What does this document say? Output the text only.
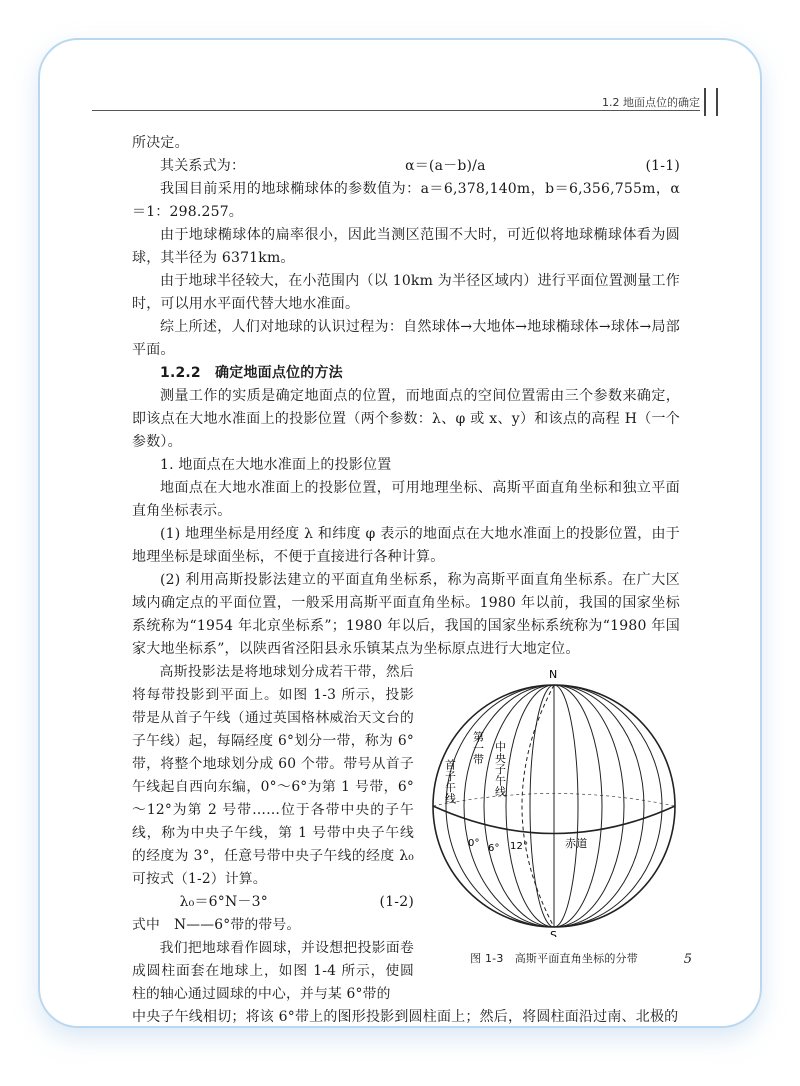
1.2 地面点位的确定

所决定。

其关系式为：	α＝(a－b)/a	(1-1)

我国目前采用的地球椭球体的参数值为：a＝6,378,140m，b＝6,356,755m，α＝1：298.257。

由于地球椭球体的扁率很小，因此当测区范围不大时，可近似将地球椭球体看为圆球，其半径为 6371km。

由于地球半径较大，在小范围内（以 10km 为半径区域内）进行平面位置测量工作时，可以用水平面代替大地水准面。

综上所述，人们对地球的认识过程为：自然球体→大地体→地球椭球体→球体→局部平面。

1.2.2　确定地面点位的方法

测量工作的实质是确定地面点的位置，而地面点的空间位置需由三个参数来确定，即该点在大地水准面上的投影位置（两个参数：λ、φ 或 x、y）和该点的高程 H（一个参数）。

1. 地面点在大地水准面上的投影位置

地面点在大地水准面上的投影位置，可用地理坐标、高斯平面直角坐标和独立平面直角坐标表示。

(1) 地理坐标是用经度 λ 和纬度 φ 表示的地面点在大地水准面上的投影位置，由于地理坐标是球面坐标，不便于直接进行各种计算。

(2) 利用高斯投影法建立的平面直角坐标系，称为高斯平面直角坐标系。在广大区域内确定点的平面位置，一般采用高斯平面直角坐标。1980 年以前，我国的国家坐标系统称为“1954 年北京坐标系”；1980 年以后，我国的国家坐标系统称为“1980 年国家大地坐标系”，以陕西省泾阳县永乐镇某点为坐标原点进行大地定位。

高斯投影法是将地球划分成若干带，然后将每带投影到平面上。如图 1-3 所示，投影带是从首子午线（通过英国格林威治天文台的子午线）起，每隔经度 6°划分一带，称为 6°带，将整个地球划分成 60 个带。带号从首子午线起自西向东编，0°～6°为第 1 号带，6°～12°为第 2 号带……位于各带中央的子午线，称为中央子午线，第 1 号带中央子午线的经度为 3°，任意号带中央子午线的经度 λ₀ 可按式（1-2）计算。

λ₀＝6°N－3°	(1-2)

式中　N——6°带的带号。

我们把地球看作圆球，并设想把投影面卷成圆柱面套在地球上，如图 1-4 所示，使圆柱的轴心通过圆球的中心，并与某 6°带的

N
S
赤道
首子午线
第一带 中央子午线
0° 6° 12°
图 1-3　高斯平面直角坐标的分带

中央子午线相切；将该 6°带上的图形投影到圆柱面上；然后，将圆柱面沿过南、北极的

5
